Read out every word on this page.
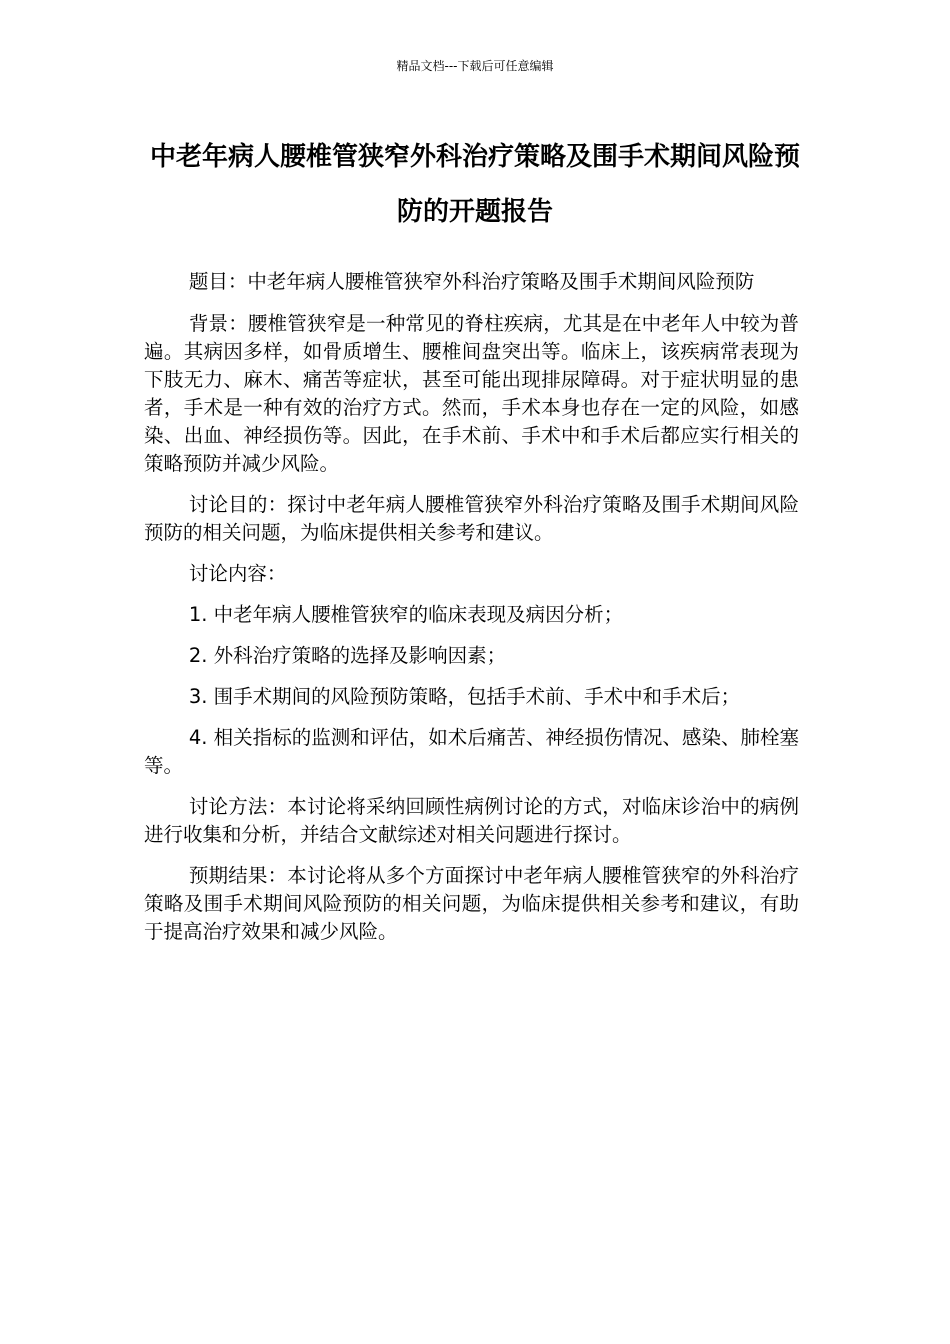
精品文档---下载后可任意编辑
中老年病人腰椎管狭窄外科治疗策略及围手术期间风险预防的开题报告

题目：中老年病人腰椎管狭窄外科治疗策略及围手术期间风险预防

背景：腰椎管狭窄是一种常见的脊柱疾病，尤其是在中老年人中较为普遍。其病因多样，如骨质增生、腰椎间盘突出等。临床上，该疾病常表现为下肢无力、麻木、痛苦等症状，甚至可能出现排尿障碍。对于症状明显的患者，手术是一种有效的治疗方式。然而，手术本身也存在一定的风险，如感染、出血、神经损伤等。因此，在手术前、手术中和手术后都应实行相关的策略预防并减少风险。

讨论目的：探讨中老年病人腰椎管狭窄外科治疗策略及围手术期间风险预防的相关问题，为临床提供相关参考和建议。

讨论内容：

1. 中老年病人腰椎管狭窄的临床表现及病因分析；

2. 外科治疗策略的选择及影响因素；

3. 围手术期间的风险预防策略，包括手术前、手术中和手术后；

4. 相关指标的监测和评估，如术后痛苦、神经损伤情况、感染、肺栓塞等。

讨论方法：本讨论将采纳回顾性病例讨论的方式，对临床诊治中的病例进行收集和分析，并结合文献综述对相关问题进行探讨。

预期结果：本讨论将从多个方面探讨中老年病人腰椎管狭窄的外科治疗策略及围手术期间风险预防的相关问题，为临床提供相关参考和建议，有助于提高治疗效果和减少风险。
